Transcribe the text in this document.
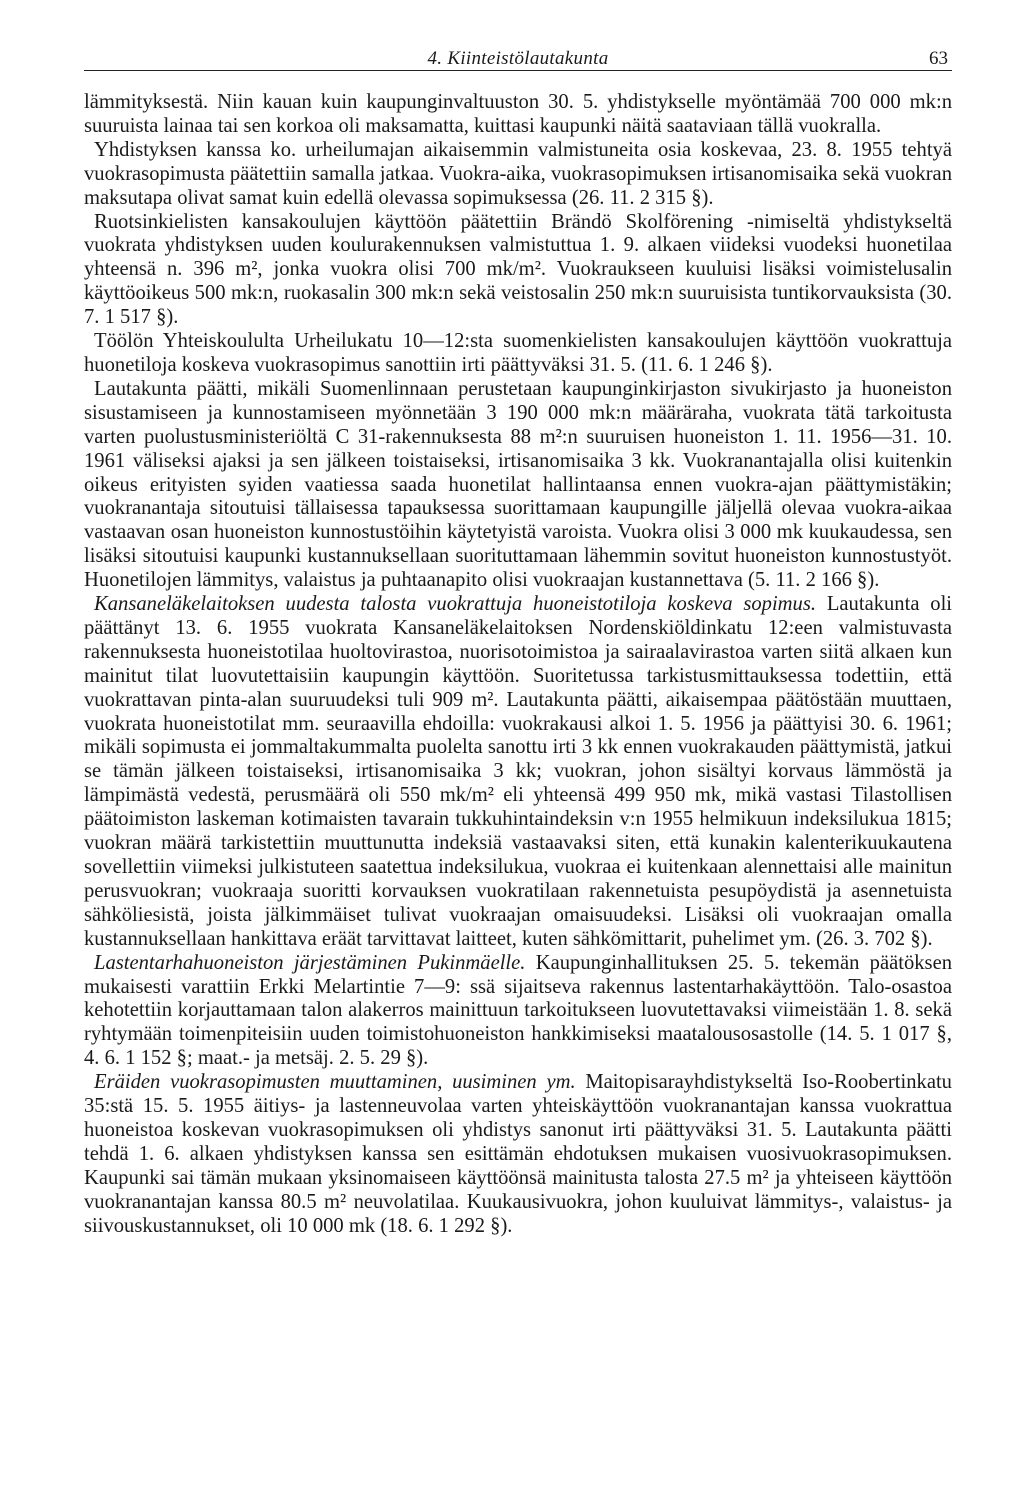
4. Kiinteistölautakunta	63

lämmityksestä. Niin kauan kuin kaupunginvaltuuston 30. 5. yhdistykselle myöntämää 700 000 mk:n suuruista lainaa tai sen korkoa oli maksamatta, kuittasi kaupunki näitä saataviaan tällä vuokralla.

Yhdistyksen kanssa ko. urheilumajan aikaisemmin valmistuneita osia koskevaa, 23. 8. 1955 tehtyä vuokrasopimusta päätettiin samalla jatkaa. Vuokra-aika, vuokrasopimuksen irtisanomisaika sekä vuokran maksutapa olivat samat kuin edellä olevassa sopimuksessa (26. 11. 2 315 §).

Ruotsinkielisten kansakoulujen käyttöön päätettiin Brändö Skolförening -nimiseltä yhdistykseltä vuokrata yhdistyksen uuden koulurakennuksen valmistuttua 1. 9. alkaen viideksi vuodeksi huonetilaa yhteensä n. 396 m², jonka vuokra olisi 700 mk/m². Vuokraukseen kuuluisi lisäksi voimistelusalin käyttöoikeus 500 mk:n, ruokasalin 300 mk:n sekä veistosalin 250 mk:n suuruisista tuntikorvauksista (30. 7. 1 517 §).

Töölön Yhteiskoululta Urheilukatu 10—12:sta suomenkielisten kansakoulujen käyttöön vuokrattuja huonetiloja koskeva vuokrasopimus sanottiin irti päättyväksi 31. 5. (11. 6. 1 246 §).

Lautakunta päätti, mikäli Suomenlinnaan perustetaan kaupunginkirjaston sivukirjasto ja huoneiston sisustamiseen ja kunnostamiseen myönnetään 3 190 000 mk:n määräraha, vuokrata tätä tarkoitusta varten puolustusministeriöltä C 31-rakennuksesta 88 m²:n suuruisen huoneiston 1. 11. 1956—31. 10. 1961 väliseksi ajaksi ja sen jälkeen toistaiseksi, irtisanomisaika 3 kk. Vuokranantajalla olisi kuitenkin oikeus erityisten syiden vaatiessa saada huonetilat hallintaansa ennen vuokra-ajan päättymistäkin; vuokranantaja sitoutuisi tällaisessa tapauksessa suorittamaan kaupungille jäljellä olevaa vuokra-aikaa vastaavan osan huoneiston kunnostustöihin käytetyistä varoista. Vuokra olisi 3 000 mk kuukaudessa, sen lisäksi sitoutuisi kaupunki kustannuksellaan suorituttamaan lähemmin sovitut huoneiston kunnostustyöt. Huonetilojen lämmitys, valaistus ja puhtaanapito olisi vuokraajan kustannettava (5. 11. 2 166 §).

Kansaneläkelaitoksen uudesta talosta vuokrattuja huoneistotiloja koskeva sopimus. Lautakunta oli päättänyt 13. 6. 1955 vuokrata Kansaneläkelaitoksen Nordenskiöldinkatu 12:een valmistuvasta rakennuksesta huoneistotilaa huoltovirastoa, nuorisotoimistoa ja sairaalavirastoa varten siitä alkaen kun mainitut tilat luovutettaisiin kaupungin käyttöön. Suoritetussa tarkistusmittauksessa todettiin, että vuokrattavan pinta-alan suuruudeksi tuli 909 m². Lautakunta päätti, aikaisempaa päätöstään muuttaen, vuokrata huoneistotilat mm. seuraavilla ehdoilla: vuokrakausi alkoi 1. 5. 1956 ja päättyisi 30. 6. 1961; mikäli sopimusta ei jommaltakummalta puolelta sanottu irti 3 kk ennen vuokrakauden päättymistä, jatkui se tämän jälkeen toistaiseksi, irtisanomisaika 3 kk; vuokran, johon sisältyi korvaus lämmöstä ja lämpimästä vedestä, perusmäärä oli 550 mk/m² eli yhteensä 499 950 mk, mikä vastasi Tilastollisen päätoimiston laskeman kotimaisten tavarain tukkuhintaindeksin v:n 1955 helmikuun indeksilukua 1815; vuokran määrä tarkistettiin muuttunutta indeksiä vastaavaksi siten, että kunakin kalenterikuukautena sovellettiin viimeksi julkistuteen saatettua indeksilukua, vuokraa ei kuitenkaan alennettaisi alle mainitun perusvuokran; vuokraaja suoritti korvauksen vuokratilaan rakennetuista pesupöydistä ja asennetuista sähköliesistä, joista jälkimmäiset tulivat vuokraajan omaisuudeksi. Lisäksi oli vuokraajan omalla kustannuksellaan hankittava eräät tarvittavat laitteet, kuten sähkömittarit, puhelimet ym. (26. 3. 702 §).

Lastentarhahuoneiston järjestäminen Pukinmäelle. Kaupunginhallituksen 25. 5. tekemän päätöksen mukaisesti varattiin Erkki Melartintie 7—9: ssä sijaitseva rakennus lastentarhakäyttöön. Talo-osastoa kehotettiin korjauttamaan talon alakerros mainittuun tarkoitukseen luovutettavaksi viimeistään 1. 8. sekä ryhtymään toimenpiteisiin uuden toimistohuoneiston hankkimiseksi maatalousosastolle (14. 5. 1 017 §, 4. 6. 1 152 §; maat.- ja metsäj. 2. 5. 29 §).

Eräiden vuokrasopimusten muuttaminen, uusiminen ym. Maitopisarayhdistykseltä Iso-Roobertinkatu 35:stä 15. 5. 1955 äitiys- ja lastenneuvolaa varten yhteiskäyttöön vuokranantajan kanssa vuokrattua huoneistoa koskevan vuokrasopimuksen oli yhdistys sanonut irti päättyväksi 31. 5. Lautakunta päätti tehdä 1. 6. alkaen yhdistyksen kanssa sen esittämän ehdotuksen mukaisen vuosivuokrasopimuksen. Kaupunki sai tämän mukaan yksinomaiseen käyttöönsä mainitusta talosta 27.5 m² ja yhteiseen käyttöön vuokranantajan kanssa 80.5 m² neuvolatilaa. Kuukausivuokra, johon kuuluivat lämmitys-, valaistus- ja siivouskustannukset, oli 10 000 mk (18. 6. 1 292 §).
